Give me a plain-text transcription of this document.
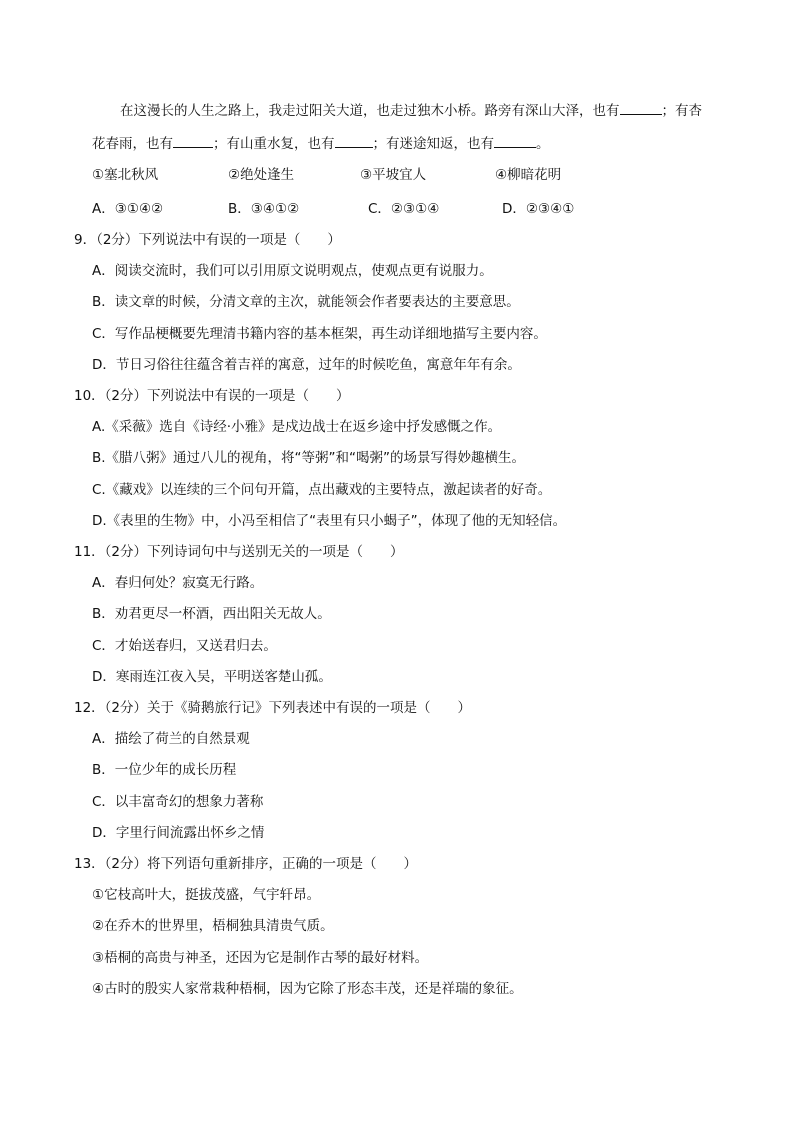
在这漫长的人生之路上，我走过阳关大道，也走过独木小桥。路旁有深山大泽，也有	；有杏
花春雨，也有	；有山重水复，也有	；有迷途知返，也有	。
①塞北秋风	②绝处逢生	③平坡宜人	④柳暗花明
A．③①④②	B．③④①②	C．②③①④	D．②③④①
9．（2分）下列说法中有误的一项是（　　）
A．阅读交流时，我们可以引用原文说明观点，使观点更有说服力。
B．读文章的时候，分清文章的主次，就能领会作者要表达的主要意思。
C．写作品梗概要先理清书籍内容的基本框架，再生动详细地描写主要内容。
D．节日习俗往往蕴含着吉祥的寓意，过年的时候吃鱼，寓意年年有余。
10．（2分）下列说法中有误的一项是（　　）
A.《采薇》选自《诗经·小雅》是戍边战士在返乡途中抒发感慨之作。
B.《腊八粥》通过八儿的视角，将“等粥”和“喝粥”的场景写得妙趣横生。
C.《藏戏》以连续的三个问句开篇，点出藏戏的主要特点，激起读者的好奇。
D.《表里的生物》中，小冯至相信了“表里有只小蝎子”，体现了他的无知轻信。
11．（2分）下列诗词句中与送别无关的一项是（　　）
A．春归何处？寂寞无行路。
B．劝君更尽一杯酒，西出阳关无故人。
C．才始送春归，又送君归去。
D．寒雨连江夜入吴，平明送客楚山孤。
12．（2分）关于《骑鹅旅行记》下列表述中有误的一项是（　　）
A．描绘了荷兰的自然景观
B．一位少年的成长历程
C．以丰富奇幻的想象力著称
D．字里行间流露出怀乡之情
13．（2分）将下列语句重新排序，正确的一项是（　　）
①它枝高叶大，挺拔茂盛，气宇轩昂。
②在乔木的世界里，梧桐独具清贵气质。
③梧桐的高贵与神圣，还因为它是制作古琴的最好材料。
④古时的殷实人家常栽种梧桐，因为它除了形态丰茂，还是祥瑞的象征。
